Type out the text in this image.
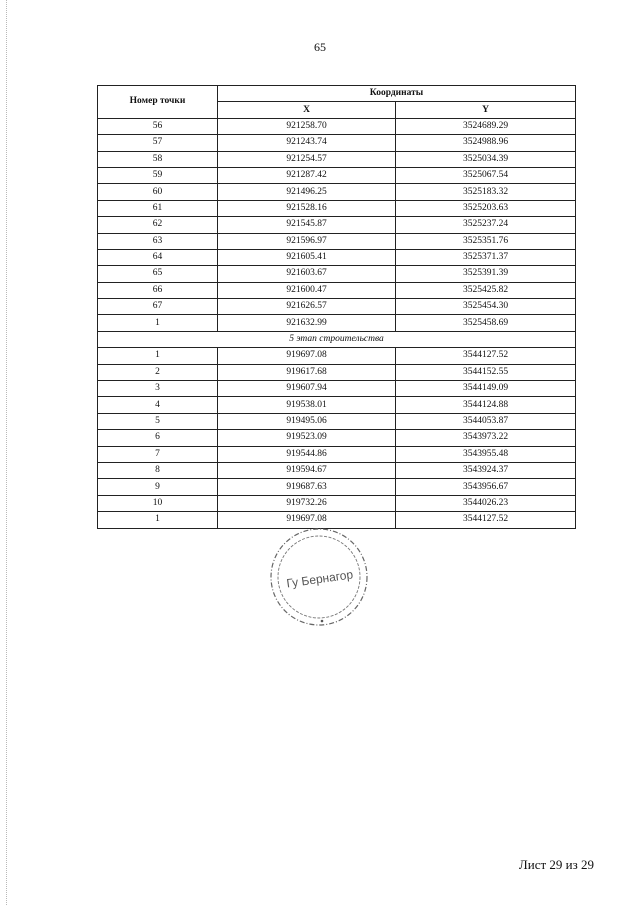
65
Номер точки	Координаты	
	X	Y
56	921258.70	3524689.29
57	921243.74	3524988.96
58	921254.57	3525034.39
59	921287.42	3525067.54
60	921496.25	3525183.32
61	921528.16	3525203.63
62	921545.87	3525237.24
63	921596.97	3525351.76
64	921605.41	3525371.37
65	921603.67	3525391.39
66	921600.47	3525425.82
67	921626.57	3525454.30
1	921632.99	3525458.69
5 этап строительства		
1	919697.08	3544127.52
2	919617.68	3544152.55
3	919607.94	3544149.09
4	919538.01	3544124.88
5	919495.06	3544053.87
6	919523.09	3543973.22
7	919544.86	3543955.48
8	919594.67	3543924.37
9	919687.63	3543956.67
10	919732.26	3544026.23
1	919697.08	3544127.52
Гу Бернагор
Лист 29 из 29
